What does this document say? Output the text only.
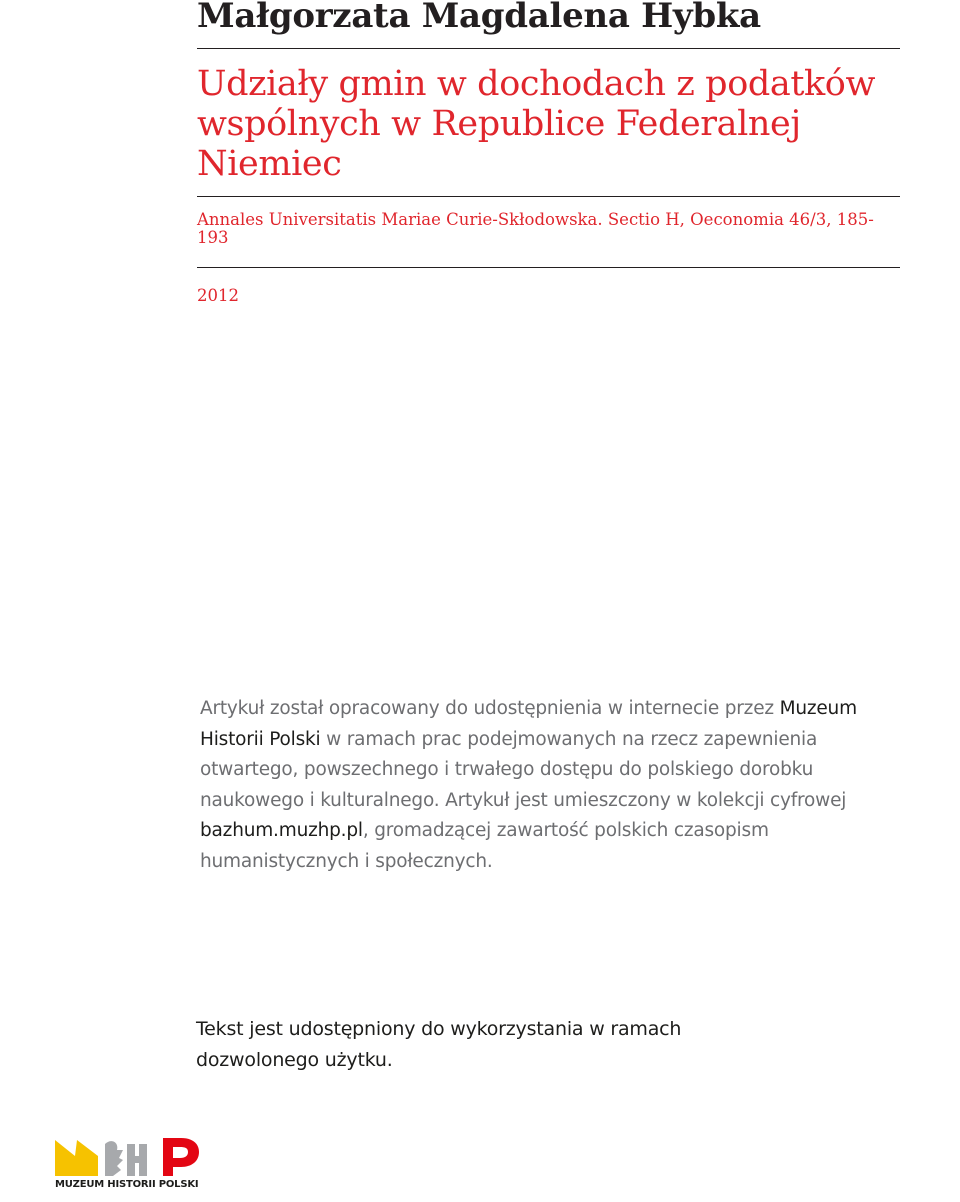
Małgorzata Magdalena Hybka
Udziały gmin w dochodach z podatków wspólnych w Republice Federalnej Niemiec
Annales Universitatis Mariae Curie-Skłodowska. Sectio H, Oeconomia 46/3, 185-193
2012
Artykuł został opracowany do udostępnienia w internecie przez Muzeum Historii Polski w ramach prac podejmowanych na rzecz zapewnienia otwartego, powszechnego i trwałego dostępu do polskiego dorobku naukowego i kulturalnego. Artykuł jest umieszczony w kolekcji cyfrowej bazhum.muzhp.pl, gromadzącej zawartość polskich czasopism humanistycznych i społecznych.
Tekst jest udostępniony do wykorzystania w ramach dozwolonego użytku.
MUZEUM HISTORII POLSKI
